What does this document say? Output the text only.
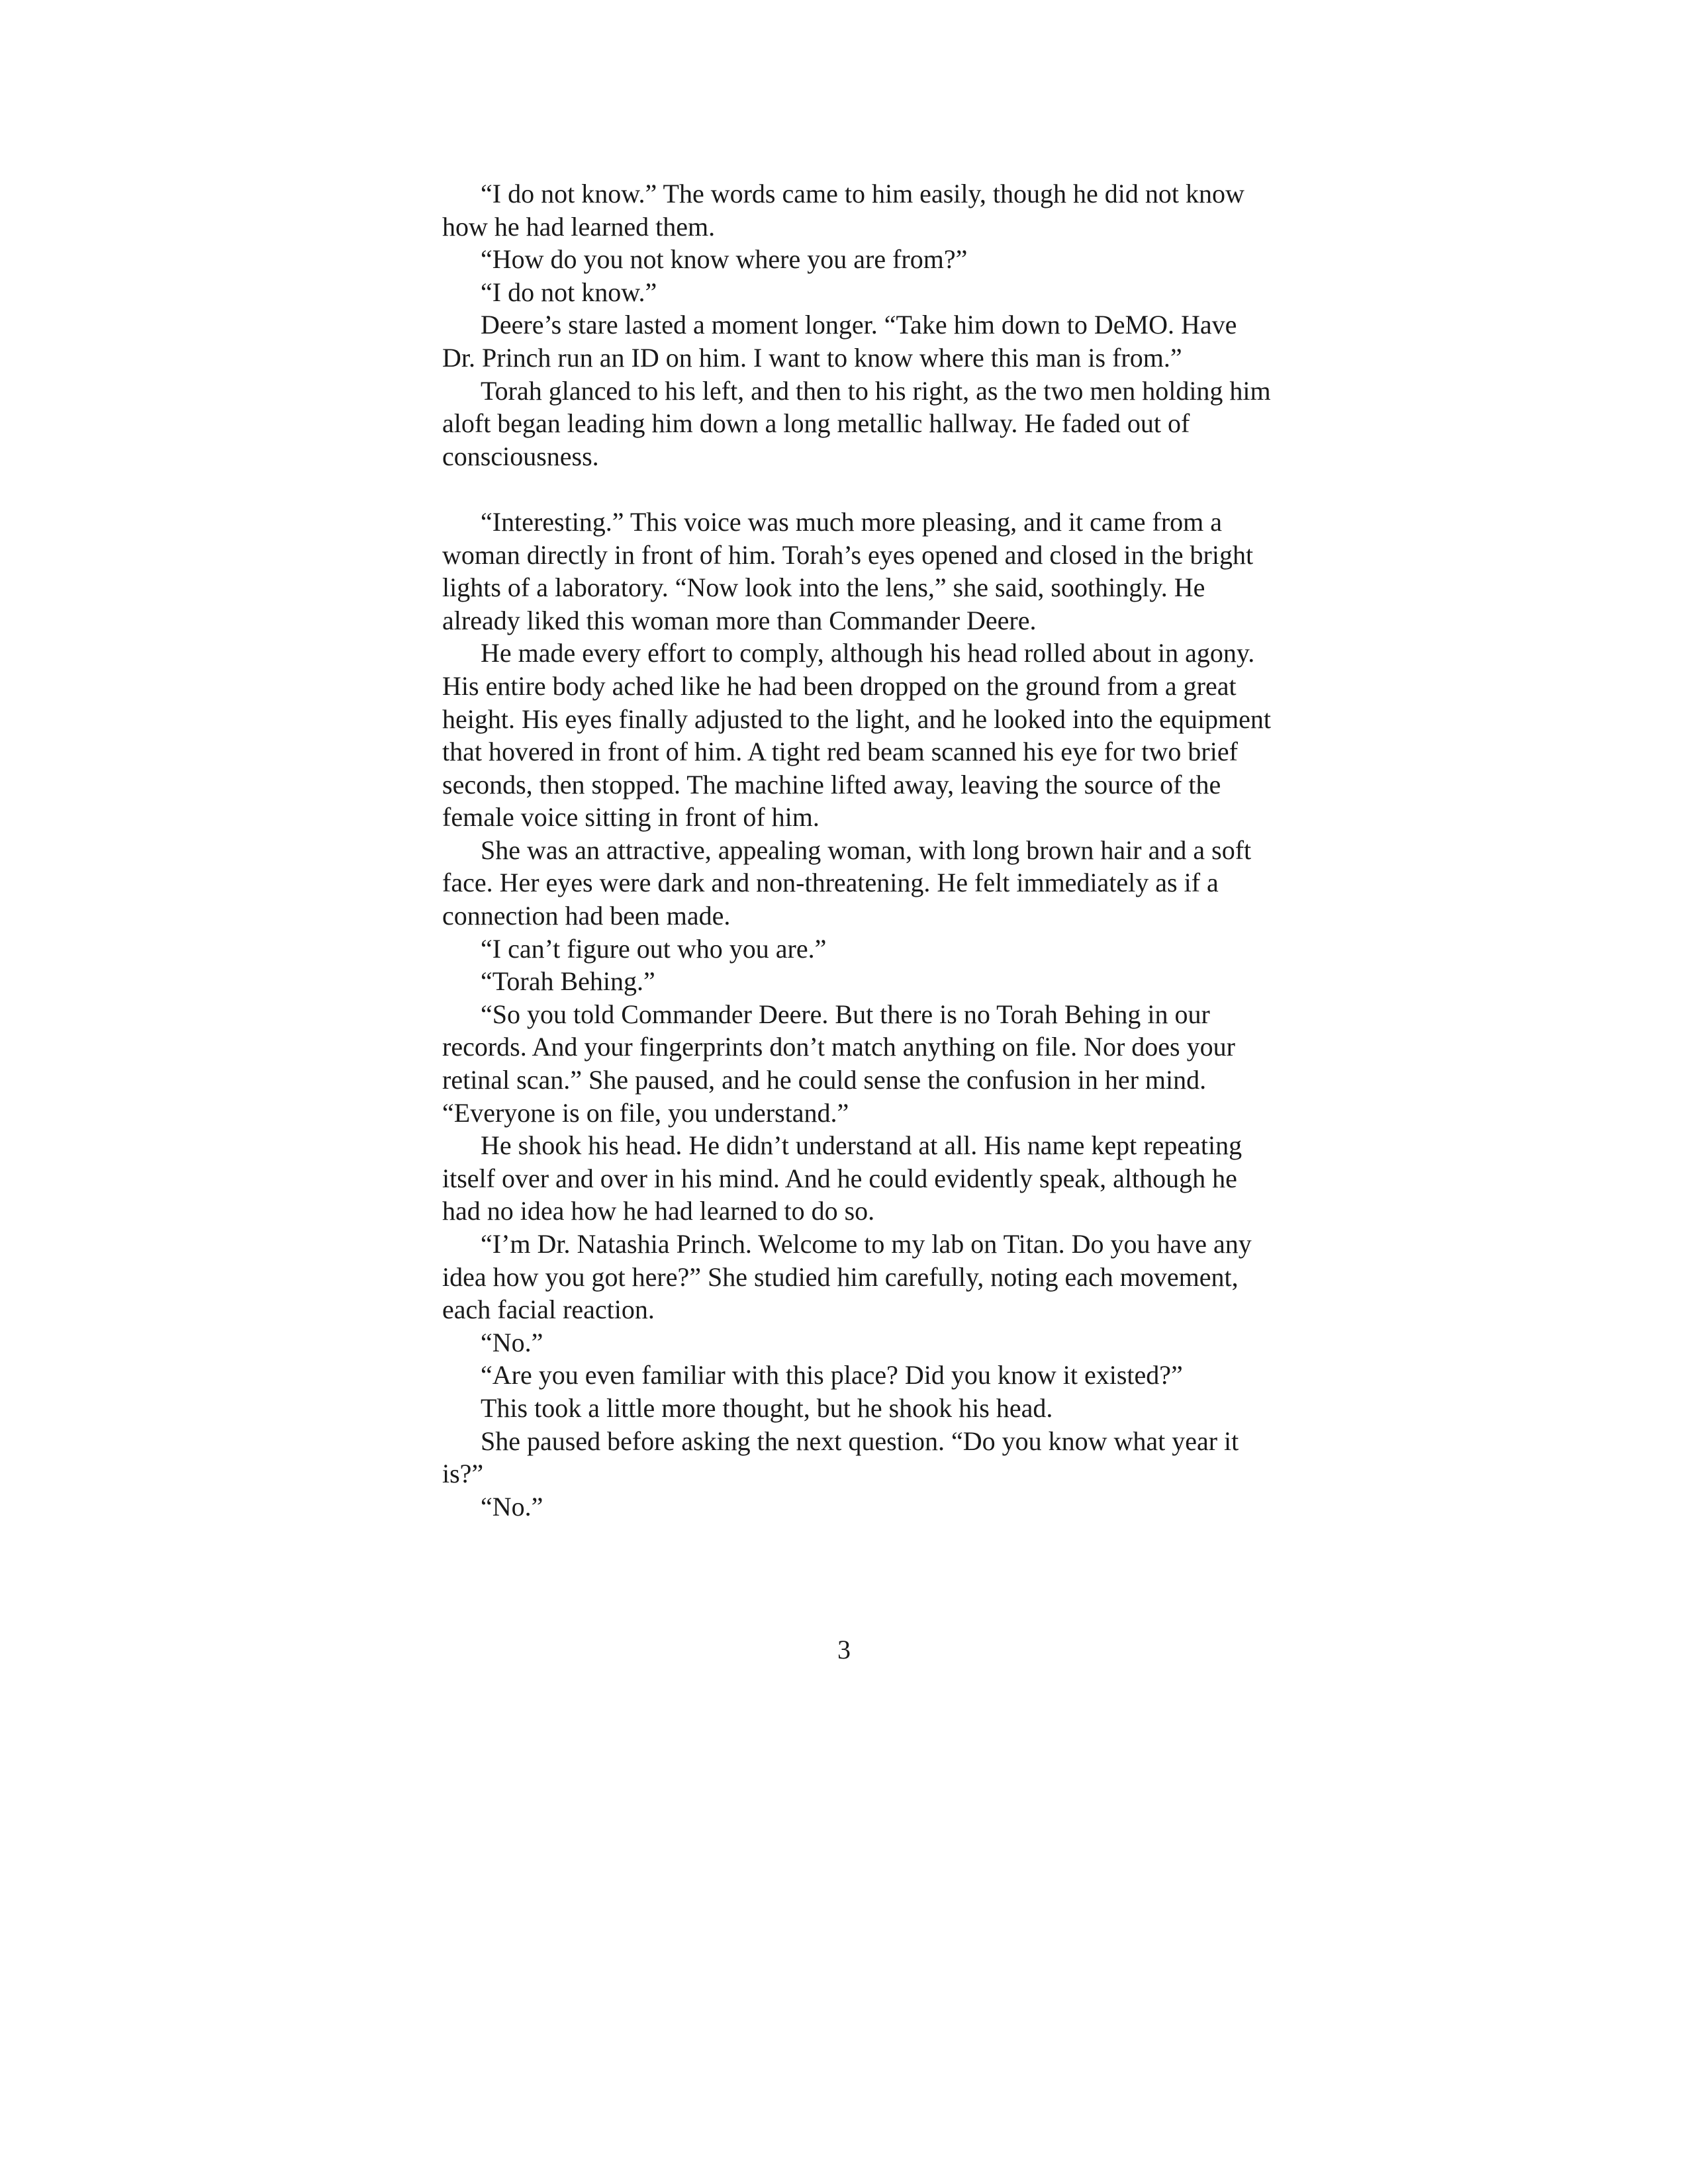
“I do not know.” The words came to him easily, though he did not know how he had learned them.

“How do you not know where you are from?”

“I do not know.”

Deere’s stare lasted a moment longer. “Take him down to DeMO. Have Dr. Princh run an ID on him. I want to know where this man is from.”

Torah glanced to his left, and then to his right, as the two men holding him aloft began leading him down a long metallic hallway. He faded out of consciousness.

“Interesting.” This voice was much more pleasing, and it came from a woman directly in front of him. Torah’s eyes opened and closed in the bright lights of a laboratory. “Now look into the lens,” she said, soothingly. He already liked this woman more than Commander Deere.

He made every effort to comply, although his head rolled about in agony. His entire body ached like he had been dropped on the ground from a great height. His eyes finally adjusted to the light, and he looked into the equipment that hovered in front of him. A tight red beam scanned his eye for two brief seconds, then stopped. The machine lifted away, leaving the source of the female voice sitting in front of him.

She was an attractive, appealing woman, with long brown hair and a soft face. Her eyes were dark and non-threatening. He felt immediately as if a connection had been made.

“I can’t figure out who you are.”

“Torah Behing.”

“So you told Commander Deere. But there is no Torah Behing in our records. And your fingerprints don’t match anything on file. Nor does your retinal scan.” She paused, and he could sense the confusion in her mind. “Everyone is on file, you understand.”

He shook his head. He didn’t understand at all. His name kept repeating itself over and over in his mind. And he could evidently speak, although he had no idea how he had learned to do so.

“I’m Dr. Natashia Princh. Welcome to my lab on Titan. Do you have any idea how you got here?” She studied him carefully, noting each movement, each facial reaction.

“No.”

“Are you even familiar with this place? Did you know it existed?”

This took a little more thought, but he shook his head.

She paused before asking the next question. “Do you know what year it is?”

“No.”

3
